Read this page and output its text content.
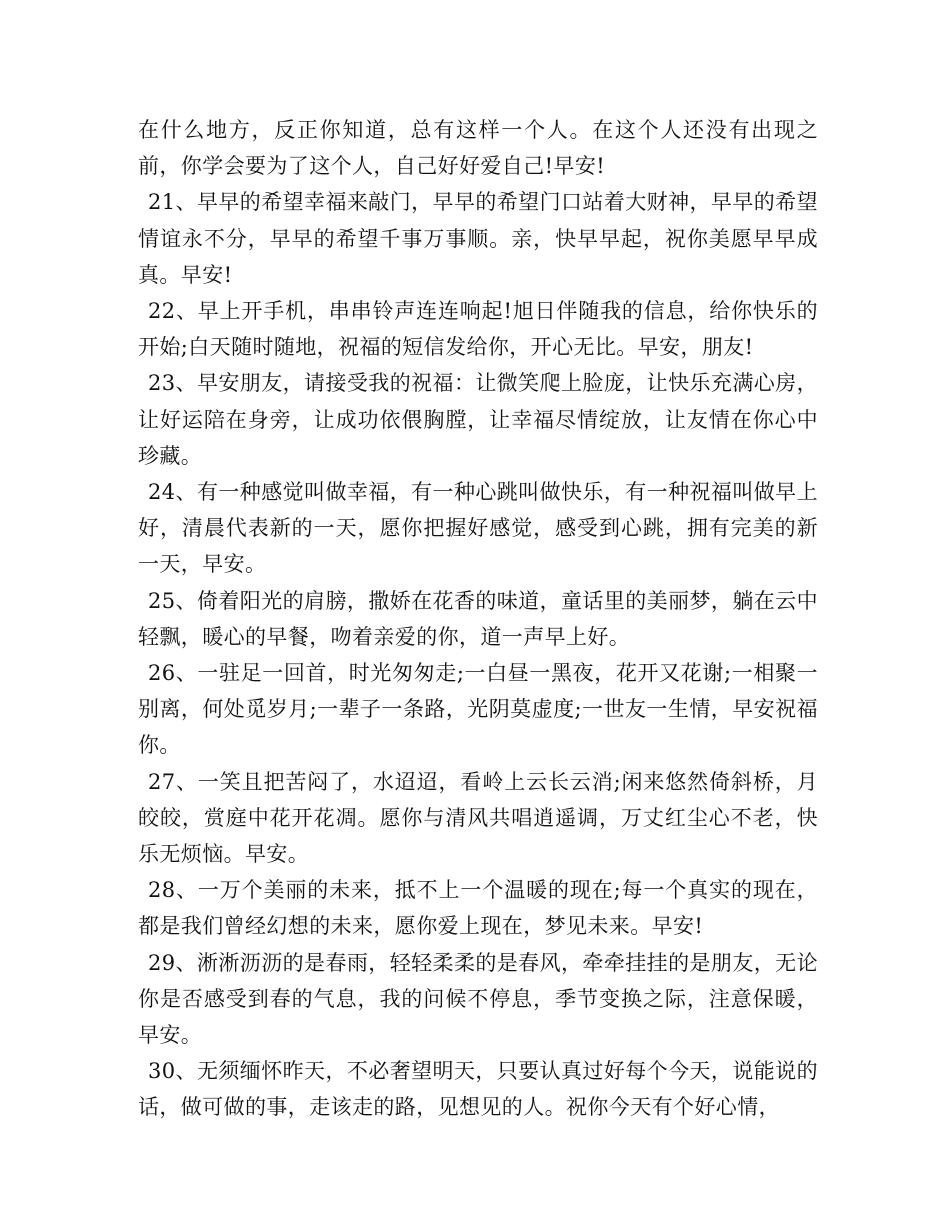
在什么地方，反正你知道，总有这样一个人。在这个人还没有出现之前，你学会要为了这个人，自己好好爱自己!早安!

21、早早的希望幸福来敲门，早早的希望门口站着大财神，早早的希望情谊永不分，早早的希望千事万事顺。亲，快早早起，祝你美愿早早成真。早安!

22、早上开手机，串串铃声连连响起!旭日伴随我的信息，给你快乐的开始;白天随时随地，祝福的短信发给你，开心无比。早安，朋友!

23、早安朋友，请接受我的祝福：让微笑爬上脸庞，让快乐充满心房，让好运陪在身旁，让成功依偎胸膛，让幸福尽情绽放，让友情在你心中珍藏。

24、有一种感觉叫做幸福，有一种心跳叫做快乐，有一种祝福叫做早上好，清晨代表新的一天，愿你把握好感觉，感受到心跳，拥有完美的新一天，早安。

25、倚着阳光的肩膀，撒娇在花香的味道，童话里的美丽梦，躺在云中轻飘，暖心的早餐，吻着亲爱的你，道一声早上好。

26、一驻足一回首，时光匆匆走;一白昼一黑夜，花开又花谢;一相聚一别离，何处觅岁月;一辈子一条路，光阴莫虚度;一世友一生情，早安祝福你。

27、一笑且把苦闷了，水迢迢，看岭上云长云消;闲来悠然倚斜桥，月皎皎，赏庭中花开花凋。愿你与清风共唱逍遥调，万丈红尘心不老，快乐无烦恼。早安。

28、一万个美丽的未来，抵不上一个温暖的现在;每一个真实的现在，都是我们曾经幻想的未来，愿你爱上现在，梦见未来。早安!

29、淅淅沥沥的是春雨，轻轻柔柔的是春风，牵牵挂挂的是朋友，无论你是否感受到春的气息，我的问候不停息，季节变换之际，注意保暖，早安。

30、无须缅怀昨天，不必奢望明天，只要认真过好每个今天，说能说的话，做可做的事，走该走的路，见想见的人。祝你今天有个好心情，
